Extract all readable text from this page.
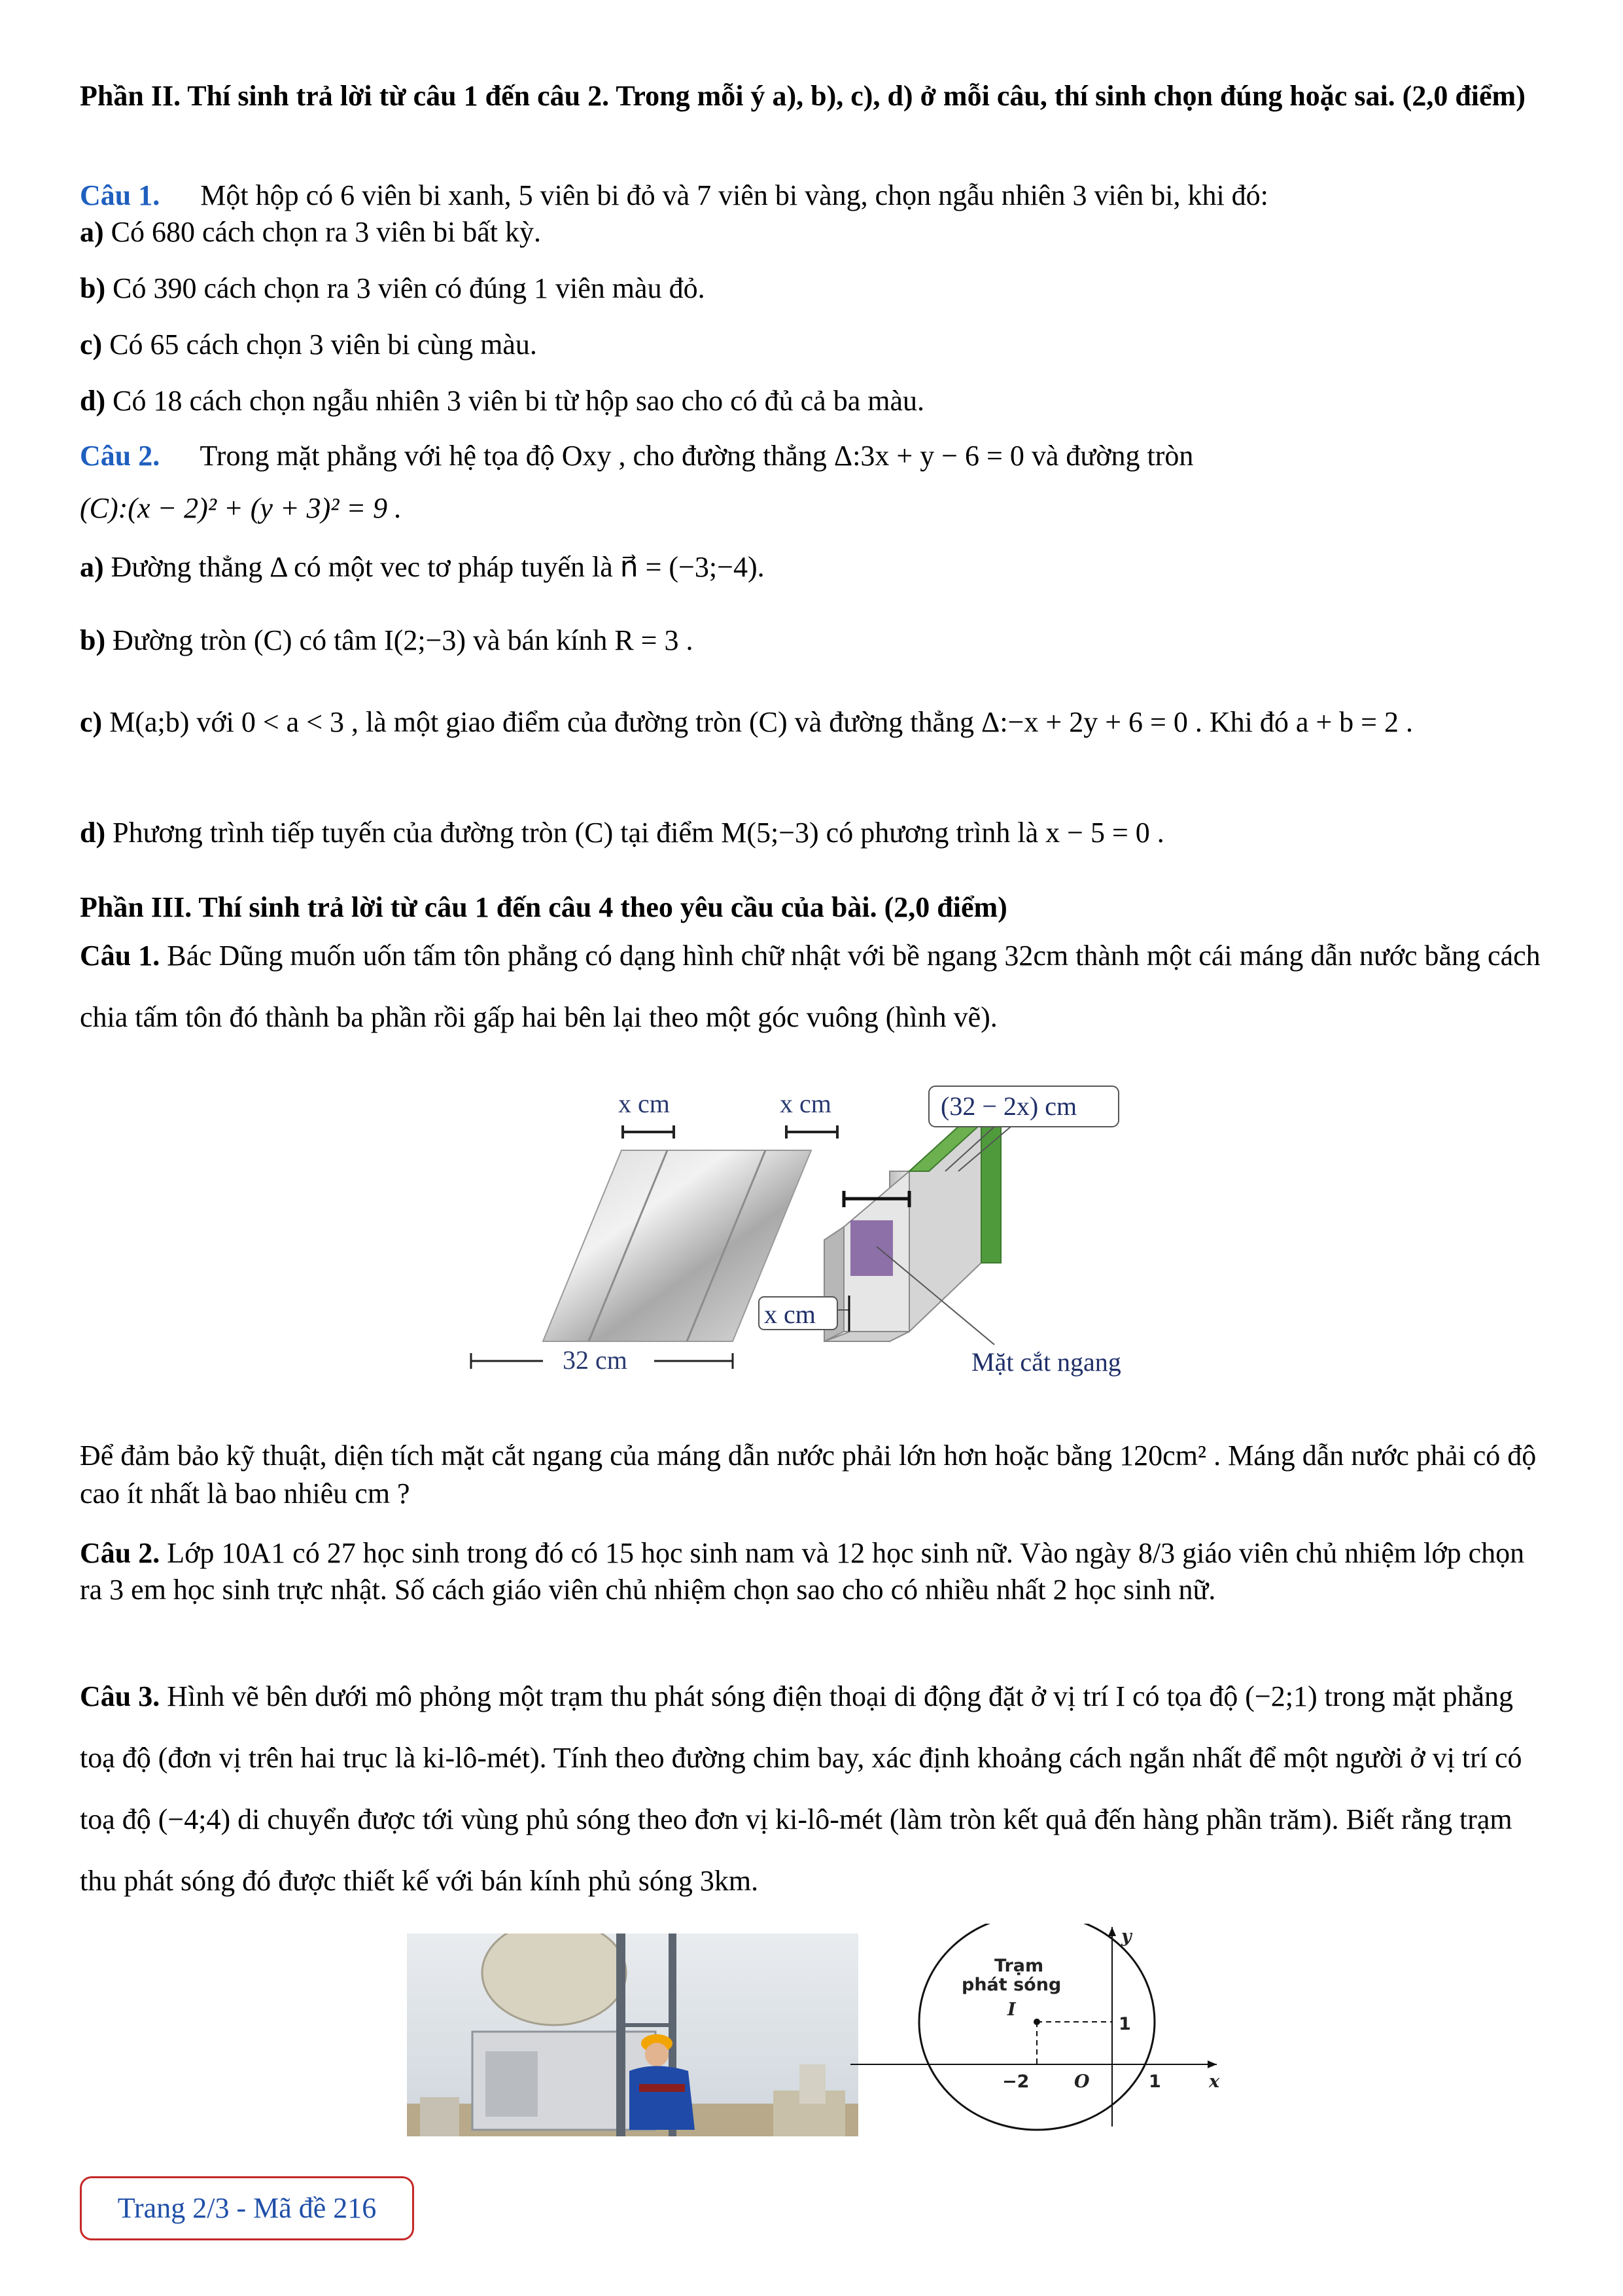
Phần II. Thí sinh trả lời từ câu 1 đến câu 2. Trong mỗi ý a), b), c), d) ở mỗi câu, thí sinh chọn đúng hoặc sai. (2,0 điểm)

Câu 1. Một hộp có 6 viên bi xanh, 5 viên bi đỏ và 7 viên bi vàng, chọn ngẫu nhiên 3 viên bi, khi đó:

a) Có 680 cách chọn ra 3 viên bi bất kỳ.

b) Có 390 cách chọn ra 3 viên có đúng 1 viên màu đỏ.

c) Có 65 cách chọn 3 viên bi cùng màu.

d) Có 18 cách chọn ngẫu nhiên 3 viên bi từ hộp sao cho có đủ cả ba màu.

Câu 2. Trong mặt phẳng với hệ tọa độ Oxy , cho đường thẳng Δ:3x + y − 6 = 0 và đường tròn

(C):(x − 2)² + (y + 3)² = 9 .

a) Đường thẳng Δ có một vec tơ pháp tuyến là n⃗ = (−3;−4).

b) Đường tròn (C) có tâm I(2;−3) và bán kính R = 3 .

c) M(a;b) với 0 < a < 3 , là một giao điểm của đường tròn (C) và đường thẳng Δ:−x + 2y + 6 = 0 . Khi đó a + b = 2 .

d) Phương trình tiếp tuyến của đường tròn (C) tại điểm M(5;−3) có phương trình là x − 5 = 0 .

Phần III. Thí sinh trả lời từ câu 1 đến câu 4 theo yêu cầu của bài. (2,0 điểm)

Câu 1. Bác Dũng muốn uốn tấm tôn phẳng có dạng hình chữ nhật với bề ngang 32cm thành một cái máng dẫn nước bằng cách chia tấm tôn đó thành ba phần rồi gấp hai bên lại theo một góc vuông (hình vẽ).

Để đảm bảo kỹ thuật, diện tích mặt cắt ngang của máng dẫn nước phải lớn hơn hoặc bằng 120cm² . Máng dẫn nước phải có độ cao ít nhất là bao nhiêu cm ?

Câu 2. Lớp 10A1 có 27 học sinh trong đó có 15 học sinh nam và 12 học sinh nữ. Vào ngày 8/3 giáo viên chủ nhiệm lớp chọn ra 3 em học sinh trực nhật. Số cách giáo viên chủ nhiệm chọn sao cho có nhiều nhất 2 học sinh nữ.

Câu 3. Hình vẽ bên dưới mô phỏng một trạm thu phát sóng điện thoại di động đặt ở vị trí I có tọa độ (−2;1) trong mặt phẳng toạ độ (đơn vị trên hai trục là ki-lô-mét). Tính theo đường chim bay, xác định khoảng cách ngắn nhất để một người ở vị trí có toạ độ (−4;4) di chuyển được tới vùng phủ sóng theo đơn vị ki-lô-mét (làm tròn kết quả đến hàng phần trăm). Biết rằng trạm thu phát sóng đó được thiết kế với bán kính phủ sóng 3km.

x cm	x cm
32 cm
(32 − 2x) cm
x cm
Mặt cắt ngang
Trạm
phát sóng
I
y
x
1
−2	O	1
Trang 2/3 - Mã đề 216
